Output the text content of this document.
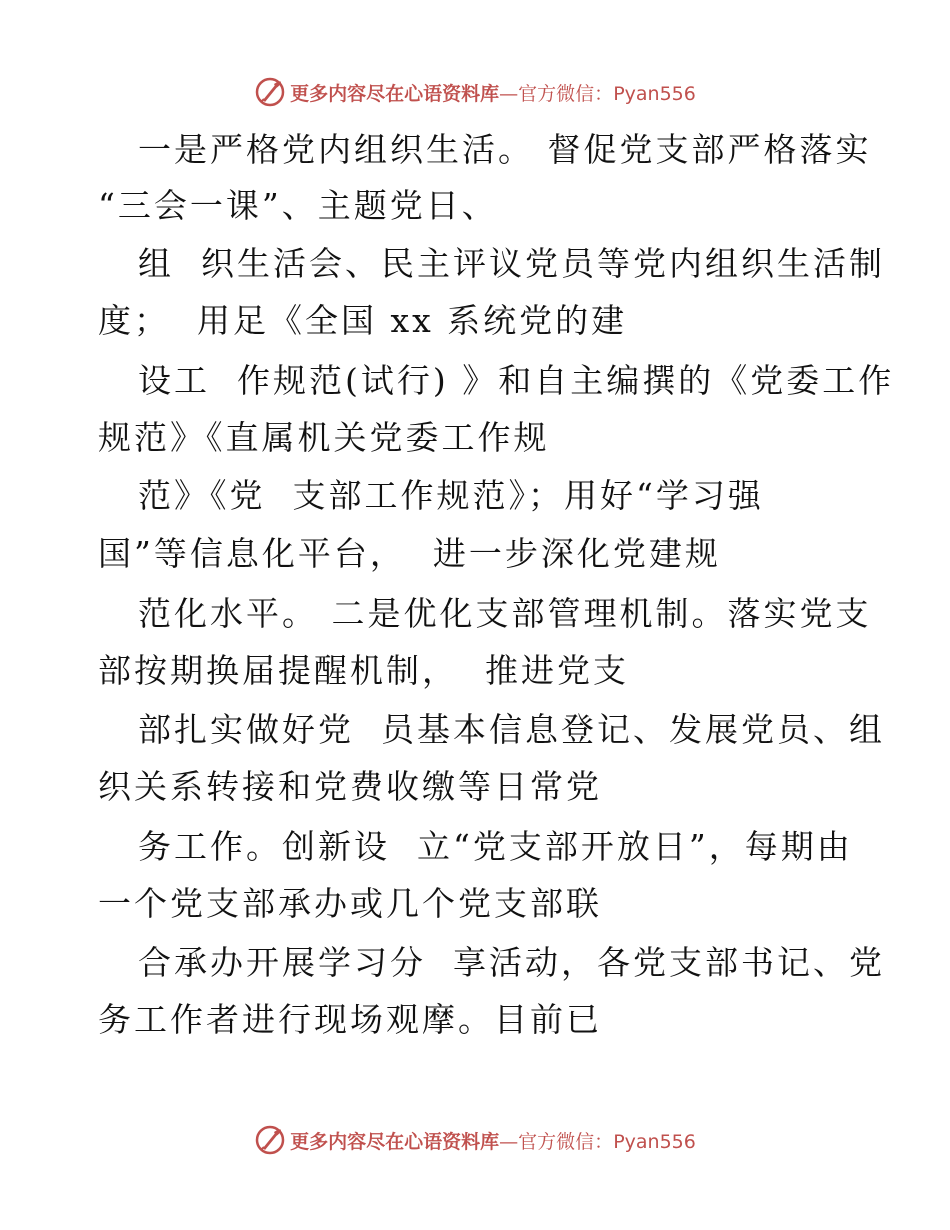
更多内容尽在心语资料库—官方微信：Pyan556
一是严格党内组织生活。 督促党支部严格落实
“三会一课”、主题党日、
组  织生活会、民主评议党员等党内组织生活制
度；  用足《全国 xx 系统党的建
设工  作规范(试行) 》和自主编撰的《党委工作
规范》《直属机关党委工作规
范》《党  支部工作规范》；用好“学习强
国”等信息化平台，  进一步深化党建规
范化水平。 二是优化支部管理机制。落实党支
部按期换届提醒机制，  推进党支
部扎实做好党  员基本信息登记、发展党员、组
织关系转接和党费收缴等日常党
务工作。创新设  立“党支部开放日”，每期由
一个党支部承办或几个党支部联
合承办开展学习分  享活动，各党支部书记、党
务工作者进行现场观摩。目前已
更多内容尽在心语资料库—官方微信：Pyan556
